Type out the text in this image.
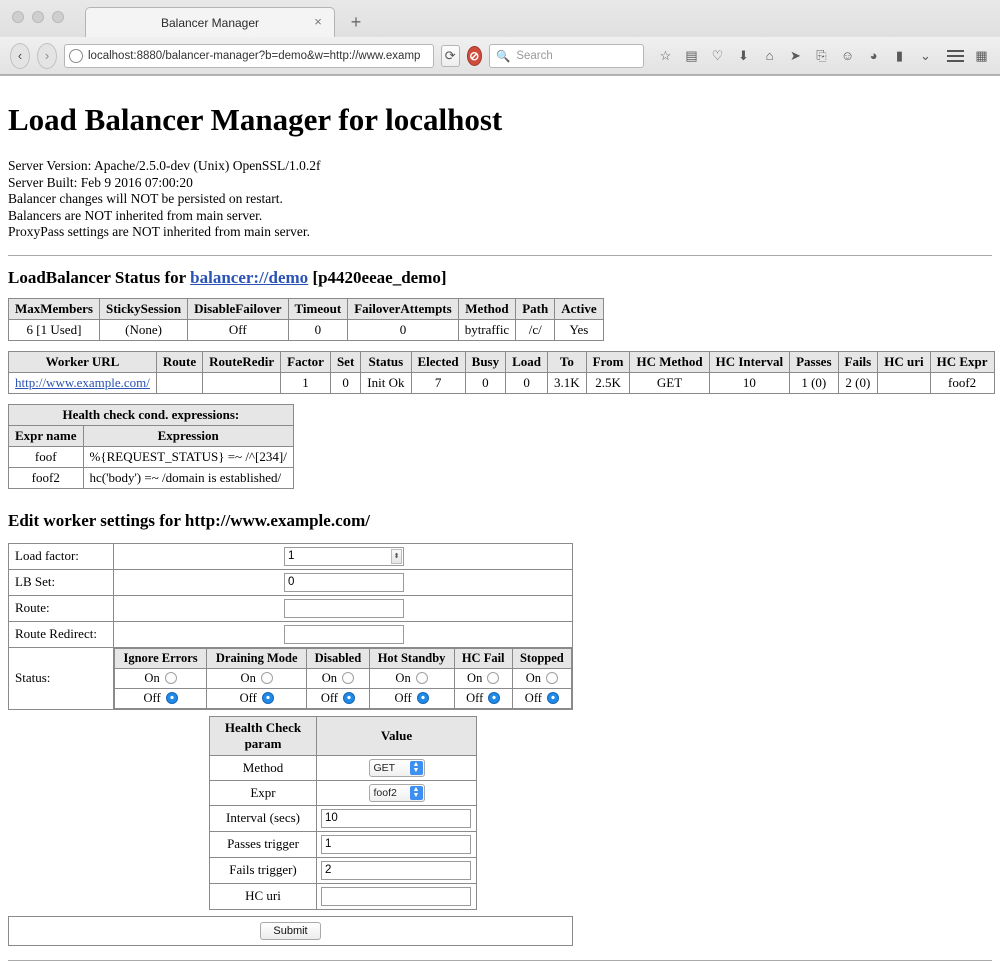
Balancer Manager	×	+
‹	›	localhost:8880/balancer-manager?b=demo&w=http://www.examp ⟳	⊘ 🔍 Search	☆ ▤ ♡ ⬇	⌂	➤ ⎘ ☺	◕	▮	⌄	▦
Load Balancer Manager for localhost
Server Version: Apache/2.5.0-dev (Unix) OpenSSL/1.0.2f
Server Built: Feb 9 2016 07:00:20
Balancer changes will NOT be persisted on restart.
Balancers are NOT inherited from main server.
ProxyPass settings are NOT inherited from main server.
LoadBalancer Status for balancer://demo [p4420eeae_demo]
MaxMembers	StickySession	DisableFailover	Timeout	FailoverAttempts	Method	Path	Active
6 [1 Used]	(None)	Off	0	0	bytraffic	/c/	Yes
Worker URL	Route	RouteRedir	Factor	Set	Status	Elected	Busy	Load	To	From	HC Method	HC Interval	Passes	Fails	HC uri	HC Expr
http://www.example.com/			1	0	Init Ok	7	0	0	3.1K	2.5K	GET	10	1 (0)	2 (0)		foof2
Health check cond. expressions:	
Expr name	Expression
foof	%{REQUEST_STATUS} =~ /^[234]/
foof2	hc('body') =~ /domain is established/
Edit worker settings for http://www.example.com/
Load factor:	1	⬍

LB Set:	0
Route:	
Route Redirect:	
Status:	
Ignore Errors	Draining Mode	Disabled	Hot Standby	HC Fail	Stopped

On	On	On	On	On	On

Off	Off	Off	Off	Off	Off

Health Check param	Value
Method	GET	▲
▼

Expr	foof2	▲
▼

Interval (secs)	10
Passes trigger	1
Fails trigger)	2
HC uri	

Submit
